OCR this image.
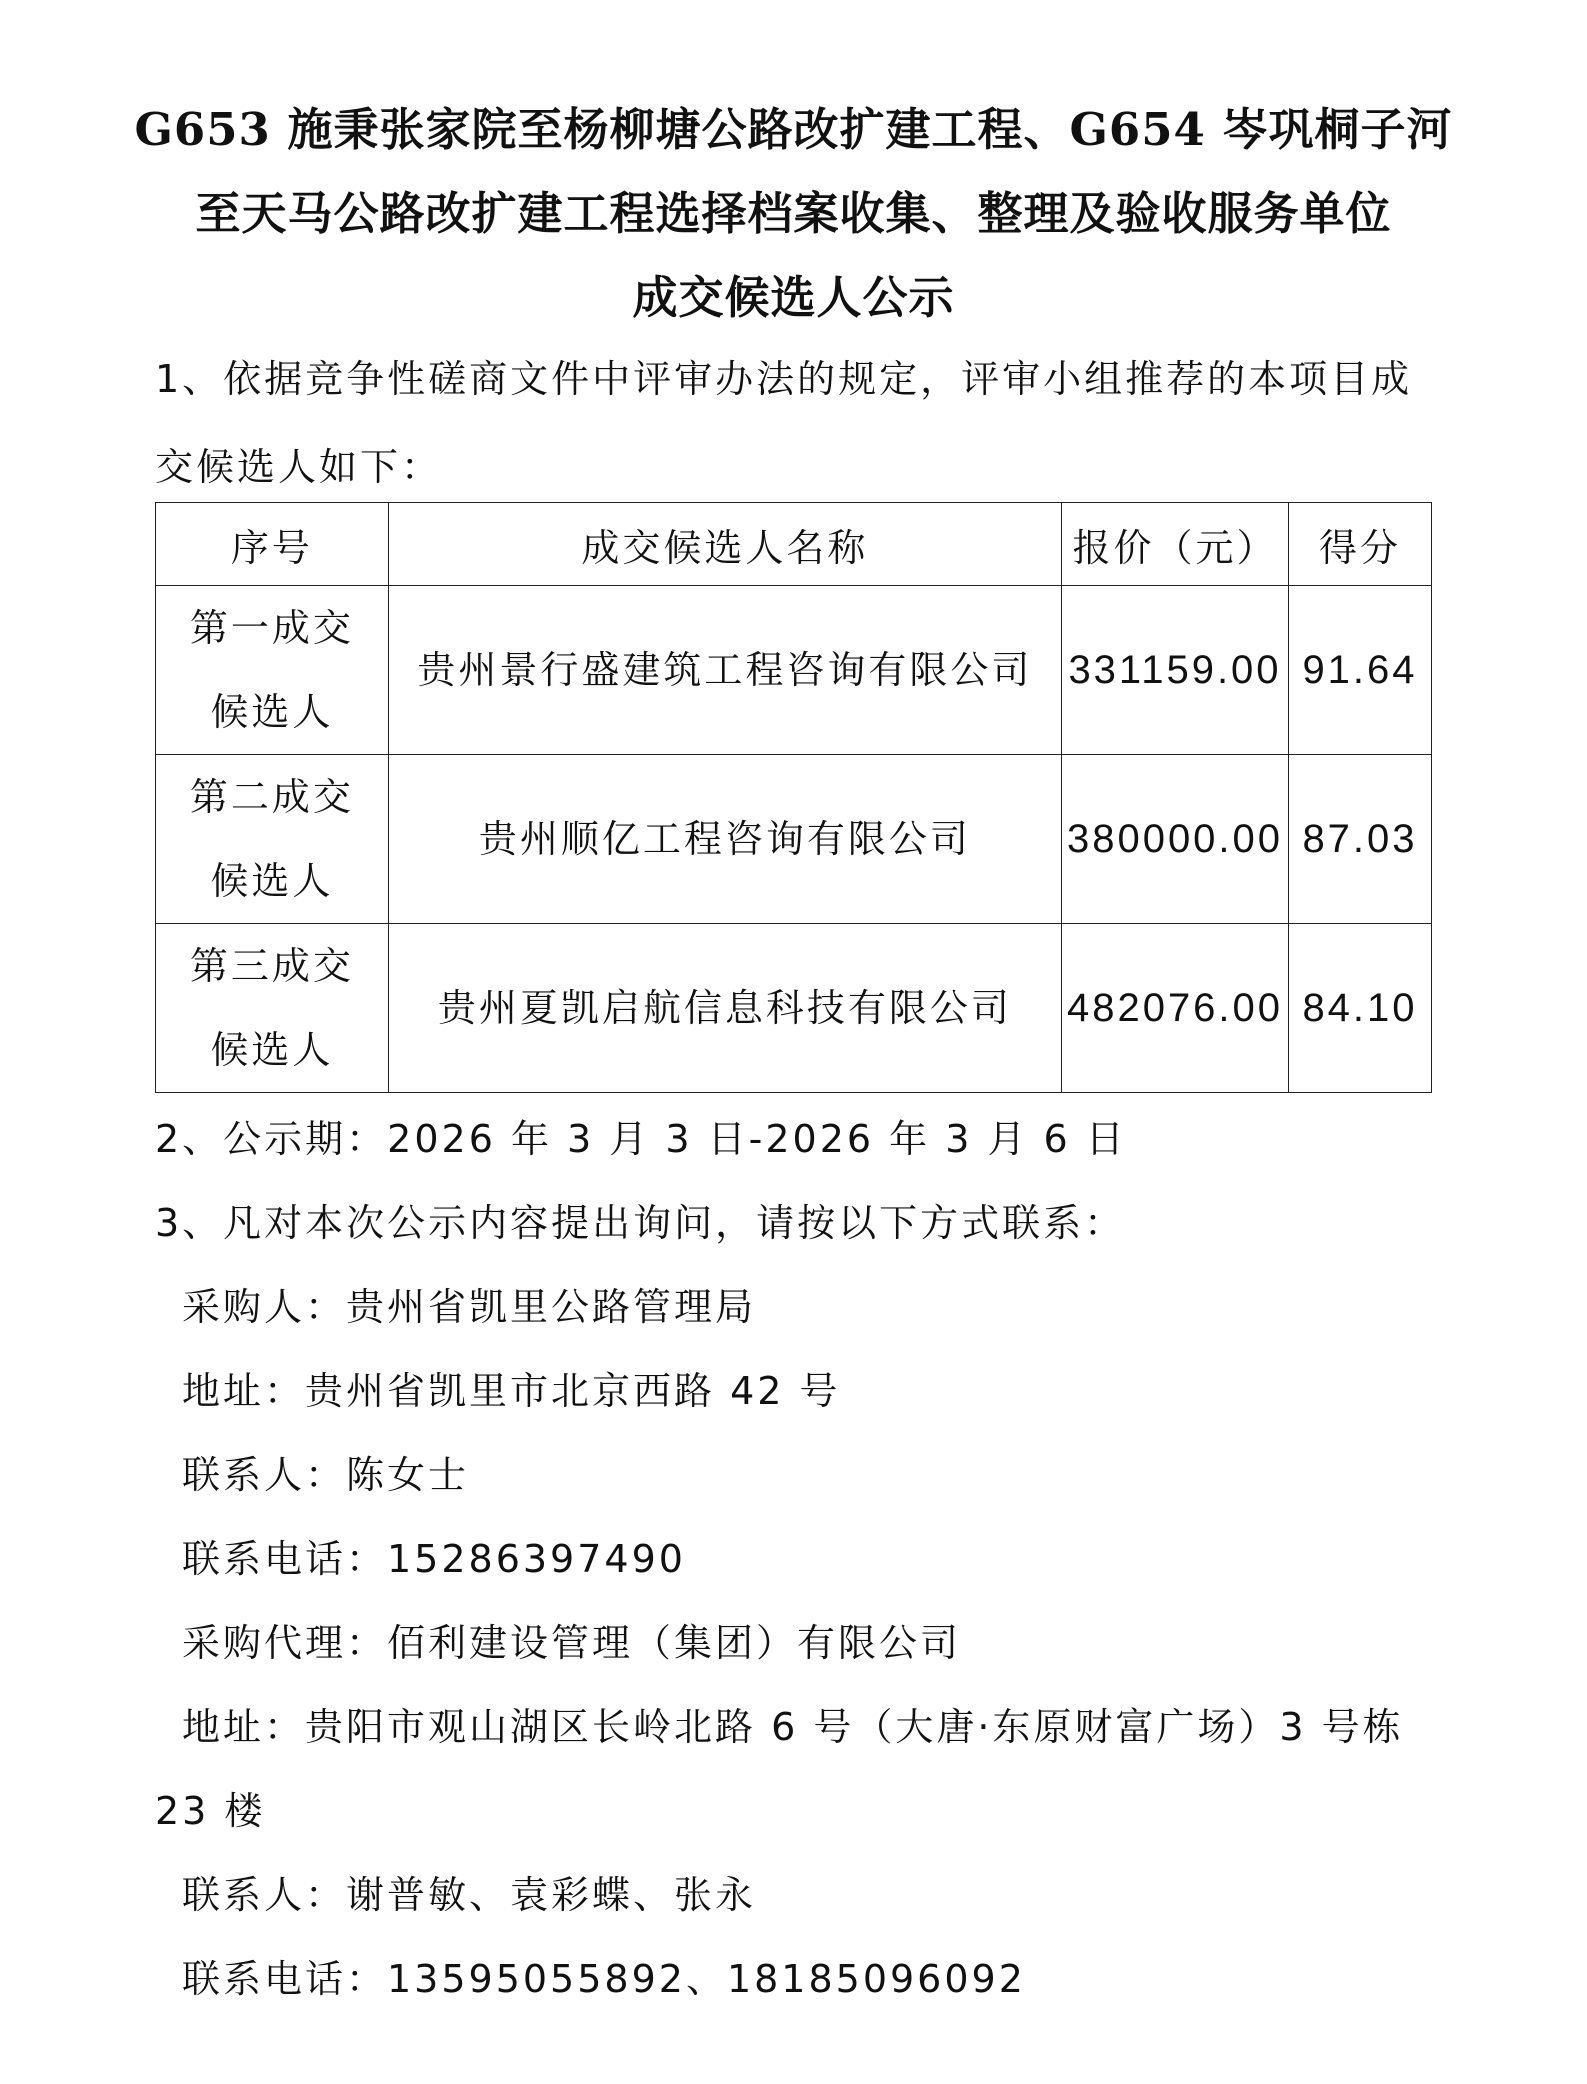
G653 施秉张家院至杨柳塘公路改扩建工程、G654 岑巩桐子河
至天马公路改扩建工程选择档案收集、整理及验收服务单位
成交候选人公示
1、依据竞争性磋商文件中评审办法的规定，评审小组推荐的本项目成
交候选人如下：
序号	成交候选人名称	报价（元）	得分

第一成交
候选人	贵州景行盛建筑工程咨询有限公司	331159.00	91.64

第二成交
候选人	贵州顺亿工程咨询有限公司	380000.00	87.03

第三成交
候选人	贵州夏凯启航信息科技有限公司	482076.00	84.10
2、公示期：2026 年 3 月 3 日-2026 年 3 月 6 日
3、凡对本次公示内容提出询问，请按以下方式联系：
采购人：贵州省凯里公路管理局
地址：贵州省凯里市北京西路 42 号
联系人：陈女士
联系电话：15286397490
采购代理：佰利建设管理（集团）有限公司
地址：贵阳市观山湖区长岭北路 6 号（大唐·东原财富广场）3 号栋
23 楼
联系人：谢普敏、袁彩蝶、张永
联系电话：13595055892、18185096092
